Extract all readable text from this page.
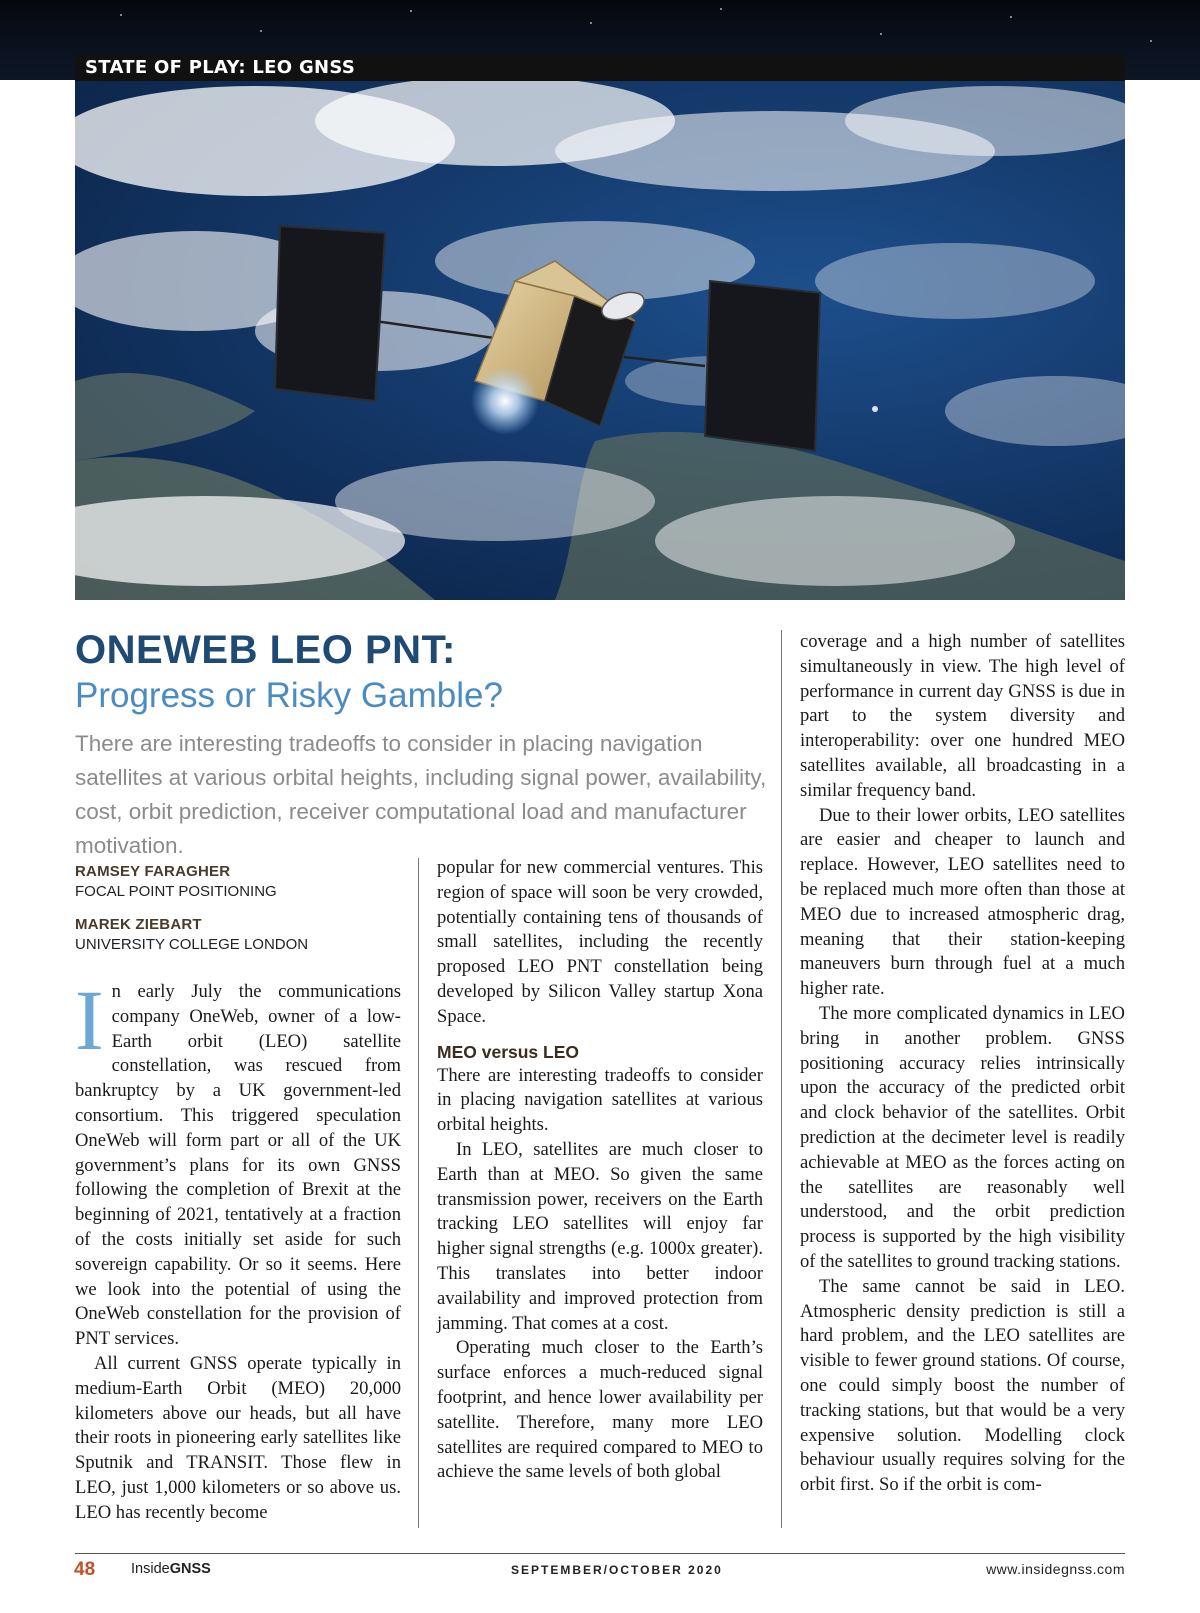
STATE OF PLAY: LEO GNSS
ONEWEB LEO PNT:
Progress or Risky Gamble?
There are interesting tradeoffs to consider in placing navigation satellites at various orbital heights, including signal power, availability, cost, orbit prediction, receiver computational load and manufacturer motivation.
RAMSEY FARAGHER
FOCAL POINT POSITIONING
MAREK ZIEBART
UNIVERSITY COLLEGE LONDON

In early July the communications company OneWeb, owner of a low-Earth orbit (LEO) satellite constellation, was rescued from bankruptcy by a UK government-led consortium. This triggered speculation OneWeb will form part or all of the UK government’s plans for its own GNSS following the completion of Brexit at the beginning of 2021, tentatively at a fraction of the costs initially set aside for such sovereign capability. Or so it seems. Here we look into the potential of using the OneWeb constellation for the provision of PNT services.

All current GNSS operate typically in medium-Earth Orbit (MEO) 20,000 kilometers above our heads, but all have their roots in pioneering early satellites like Sputnik and TRANSIT. Those flew in LEO, just 1,000 kilometers or so above us. LEO has recently become

popular for new commercial ventures. This region of space will soon be very crowded, potentially containing tens of thousands of small satellites, including the recently proposed LEO PNT constellation being developed by Silicon Valley startup Xona Space.

MEO versus LEO

There are interesting tradeoffs to consider in placing navigation satellites at various orbital heights.

In LEO, satellites are much closer to Earth than at MEO. So given the same transmission power, receivers on the Earth tracking LEO satellites will enjoy far higher signal strengths (e.g. 1000x greater). This translates into better indoor availability and improved protection from jamming. That comes at a cost.

Operating much closer to the Earth’s surface enforces a much-reduced signal footprint, and hence lower availability per satellite. Therefore, many more LEO satellites are required compared to MEO to achieve the same levels of both global

coverage and a high number of satellites simultaneously in view. The high level of performance in current day GNSS is due in part to the system diversity and interoperability: over one hundred MEO satellites available, all broadcasting in a similar frequency band.

Due to their lower orbits, LEO satellites are easier and cheaper to launch and replace. However, LEO satellites need to be replaced much more often than those at MEO due to increased atmospheric drag, meaning that their station-keeping maneuvers burn through fuel at a much higher rate.

The more complicated dynamics in LEO bring in another problem. GNSS positioning accuracy relies intrinsically upon the accuracy of the predicted orbit and clock behavior of the satellites. Orbit prediction at the decimeter level is readily achievable at MEO as the forces acting on the satellites are reasonably well understood, and the orbit prediction process is supported by the high visibility of the satellites to ground tracking stations.

The same cannot be said in LEO. Atmospheric density prediction is still a hard problem, and the LEO satellites are visible to fewer ground stations. Of course, one could simply boost the number of tracking stations, but that would be a very expensive solution. Modelling clock behaviour usually requires solving for the orbit first. So if the orbit is com-

48 InsideGNSS	SEPTEMBER/OCTOBER 2020	www.insidegnss.com
